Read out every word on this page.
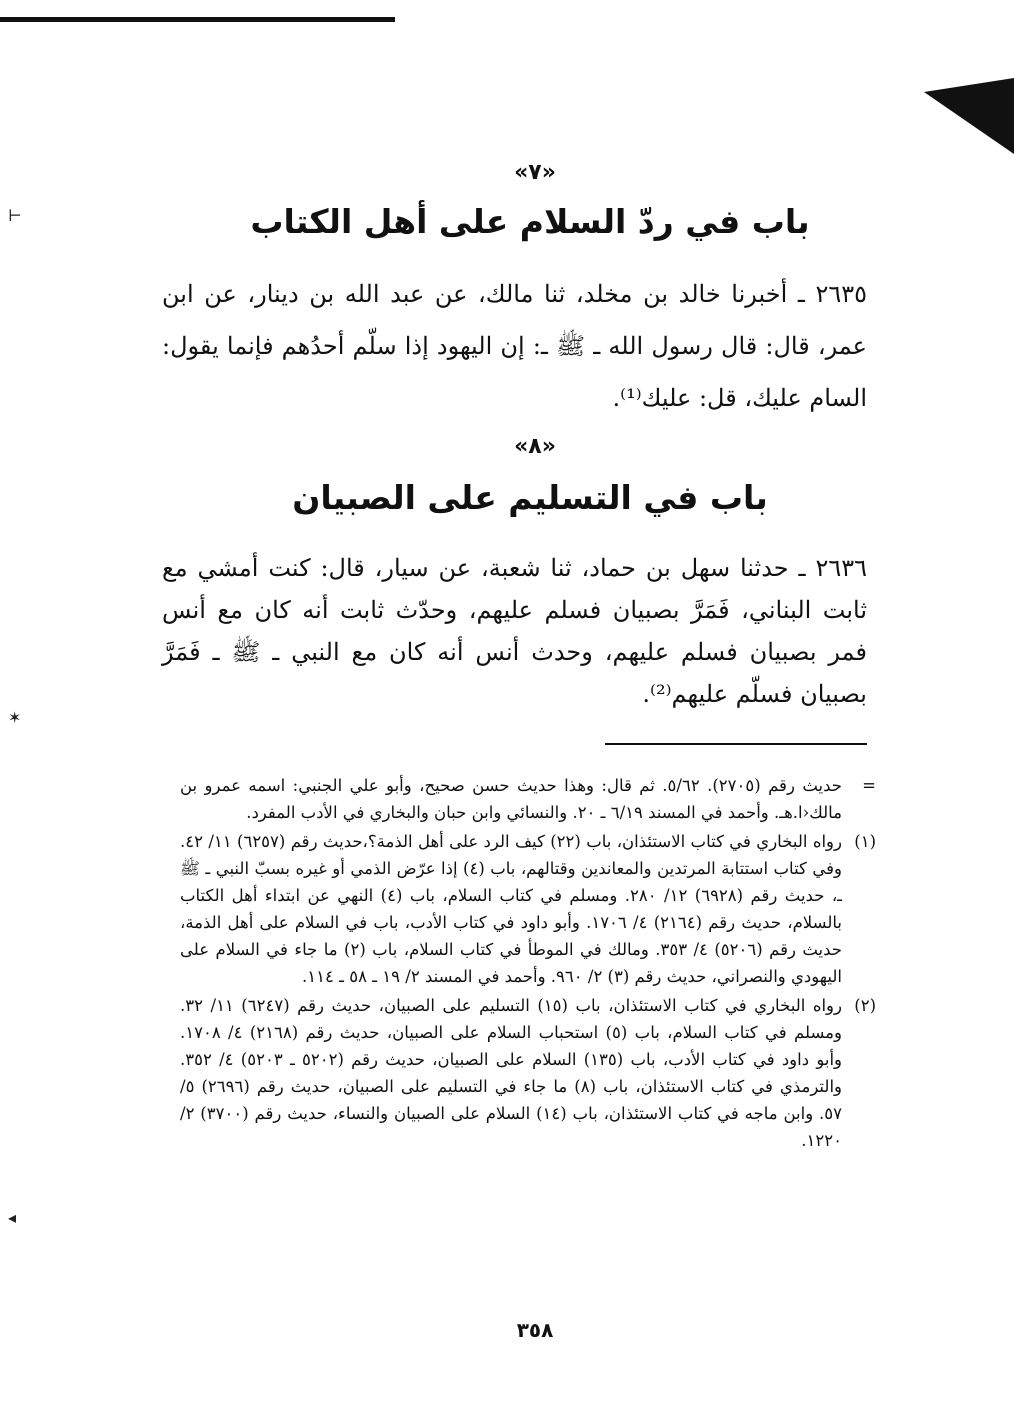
⊢
✶
◂
«٧»
باب في ردّ السلام على أهل الكتاب

٢٦٣٥ ـ أخبرنا خالد بن مخلد، ثنا مالك، عن عبد الله بن دينار، عن ابن عمر، قال: قال رسول الله ـ ﷺ ـ: إن اليهود إذا سلّم أحدُهم فإنما يقول: السام عليك، قل: عليك⁽¹⁾.

«٨»
باب في التسليم على الصبيان

٢٦٣٦ ـ حدثنا سهل بن حماد، ثنا شعبة، عن سيار، قال: كنت أمشي مع ثابت البناني، فَمَرَّ بصبيان فسلم عليهم، وحدّث ثابت أنه كان مع أنس فمر بصبيان فسلم عليهم، وحدث أنس أنه كان مع النبي ـ ﷺ ـ فَمَرَّ بصبيان فسلّم عليهم⁽²⁾.

=
حديث رقم (٢٧٠٥). ٥/٦٢. ثم قال: وهذا حديث حسن صحيح، وأبو علي الجنبي: اسمه عمرو بن مالك‹ا.هـ. وأحمد في المسند ٦/١٩ ـ ٢٠. والنسائي وابن حبان والبخاري في الأدب المفرد.
(١)
رواه البخاري في كتاب الاستئذان، باب (٢٢) كيف الرد على أهل الذمة؟،حديث رقم (٦٢٥٧) ١١/ ٤٢. وفي كتاب استتابة المرتدين والمعاندين وقتالهم، باب (٤) إذا عرّض الذمي أو غيره بسبّ النبي ـ ﷺ ـ، حديث رقم (٦٩٢٨) ١٢/ ٢٨٠. ومسلم في كتاب السلام، باب (٤) النهي عن ابتداء أهل الكتاب بالسلام، حديث رقم (٢١٦٤) ٤/ ١٧٠٦. وأبو داود في كتاب الأدب، باب في السلام على أهل الذمة، حديث رقم (٥٢٠٦) ٤/ ٣٥٣. ومالك في الموطأ في كتاب السلام، باب (٢) ما جاء في السلام على اليهودي والنصراني، حديث رقم (٣) ٢/ ٩٦٠. وأحمد في المسند ٢/ ١٩ ـ ٥٨ ـ ١١٤.
(٢)
رواه البخاري في كتاب الاستئذان، باب (١٥) التسليم على الصبيان، حديث رقم (٦٢٤٧) ١١/ ٣٢. ومسلم في كتاب السلام، باب (٥) استحباب السلام على الصبيان، حديث رقم (٢١٦٨) ٤/ ١٧٠٨. وأبو داود في كتاب الأدب، باب (١٣٥) السلام على الصبيان، حديث رقم (٥٢٠٢ ـ ٥٢٠٣) ٤/ ٣٥٢. والترمذي في كتاب الاستئذان، باب (٨) ما جاء في التسليم على الصبيان، حديث رقم (٢٦٩٦) ٥/ ٥٧. وابن ماجه في كتاب الاستئذان، باب (١٤) السلام على الصبيان والنساء، حديث رقم (٣٧٠٠) ٢/ ١٢٢٠.
٣٥٨
